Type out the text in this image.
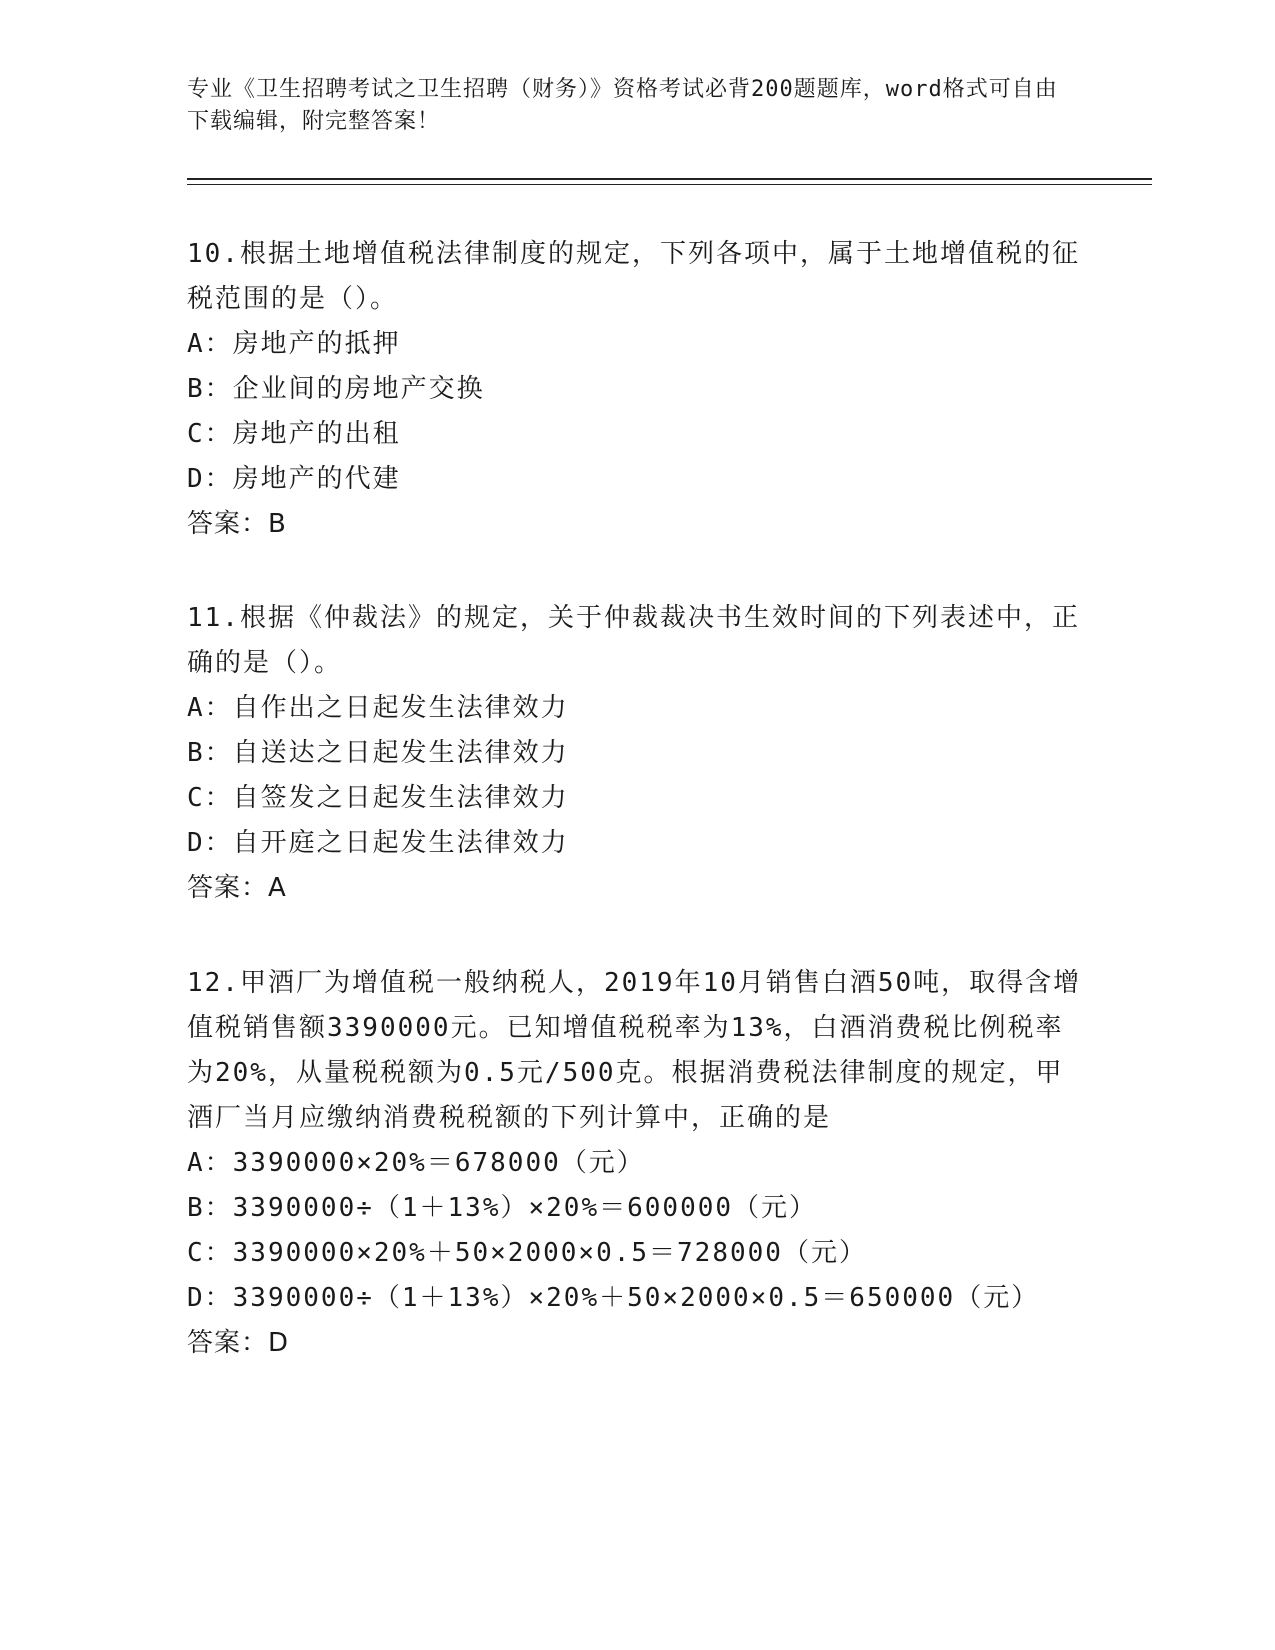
专业《卫生招聘考试之卫生招聘（财务）》资格考试必背200题题库，word格式可自由下载编辑，附完整答案！
10.根据土地增值税法律制度的规定，下列各项中，属于土地增值税的征税范围的是（）。
A：房地产的抵押
B：企业间的房地产交换
C：房地产的出租
D：房地产的代建
答案：B
11.根据《仲裁法》的规定，关于仲裁裁决书生效时间的下列表述中，正确的是（）。
A：自作出之日起发生法律效力
B：自送达之日起发生法律效力
C：自签发之日起发生法律效力
D：自开庭之日起发生法律效力
答案：A
12.甲酒厂为增值税一般纳税人，2019年10月销售白酒50吨，取得含增值税销售额3390000元。已知增值税税率为13%，白酒消费税比例税率为20%，从量税税额为0.5元/500克。根据消费税法律制度的规定，甲酒厂当月应缴纳消费税税额的下列计算中，正确的是
A：3390000×20%＝678000（元）
B：3390000÷（1＋13%）×20%＝600000（元）
C：3390000×20%＋50×2000×0.5＝728000（元）
D：3390000÷（1＋13%）×20%＋50×2000×0.5＝650000（元）
答案：D
